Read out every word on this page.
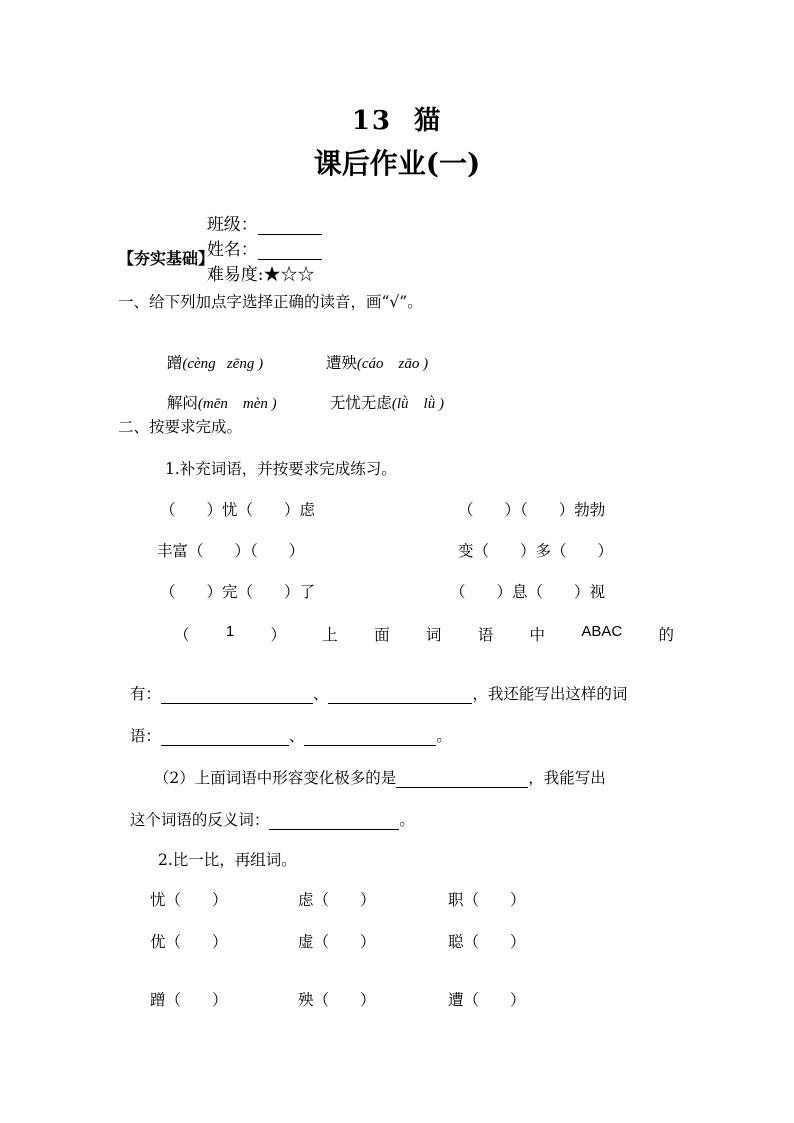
13  猫
课后作业(一)

班级：
姓名：
难易度:★☆☆

【夯实基础】
一、给下列加点字选择正确的读音，画“√”。

蹭(cèng   zēng )	遭殃(cáo    zāo )

解闷(mēn    mèn )	无忧无虑(lǜ    lǜ )

二、按要求完成。
1.补充词语，并按要求完成练习。
（　　）忧（　　）虑	（　　）（　　）勃勃
丰富（　　）（　　）	变（　　）多（　　）
（　　）完（　　）了	（　　）息（　　）视
（ 1 ） 上 面 词 语 中 ABAC 的

有：	、	，我还能写出这样的词

语：	、	。

（2）上面词语中形容变化极多的是	，我能写出

这个词语的反义词：	。

2.比一比，再组词。
忧（　　）	虑（　　）	职（　　）
优（　　）	虚（　　）	聪（　　）
蹭（　　）	殃（　　）	遭（　　）
